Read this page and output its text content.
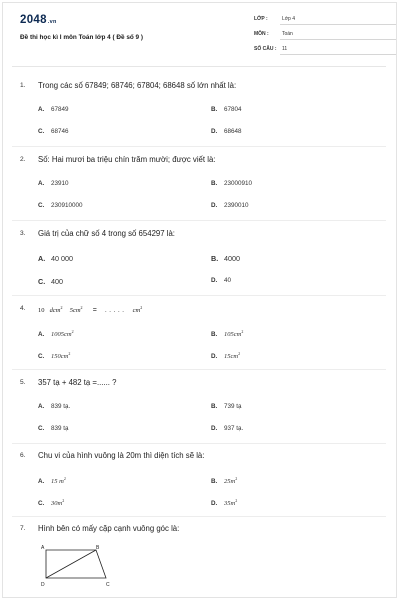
2048.vn
Đề thi học kì I môn Toán lớp 4 ( Đề số 9 )
LỚP :	Lớp 4
MÔN :	Toán
SỐ CÂU : 11
1. Trong các số 67849; 68746; 67804; 68648 số lớn nhất là:
A. 67849	B. 67804
C. 68746	D. 68648
2. Số: Hai mươi ba triệu chín trăm mười; được viết là:
A. 23910	B. 23000910
C. 230910000	D. 2390010
3. Giá trị của chữ số 4 trong số 654297 là:
A. 40 000	B. 4000
C. 400	D. 40
4. 10 dcm$^2$ $5cm^2$ = . . . . . $cm^2$
A. $1005cm^2$	B. $105cm^2$
C. $150cm^2$	D. $15cm^2$
5. 357 tạ + 482 tạ =...... ?
A. 839 tạ.	B. 739 tạ
C. 839 tạ	D. 937 tạ.
6. Chu vi của hình vuông là 20m thì diện tích sẽ là:
A. 15 $m^2$	B. $25m^2$
C. $30m^2$	D. $35m^2$
7. Hình bên có mấy cặp cạnh vuông góc là:
A	B
C
D
